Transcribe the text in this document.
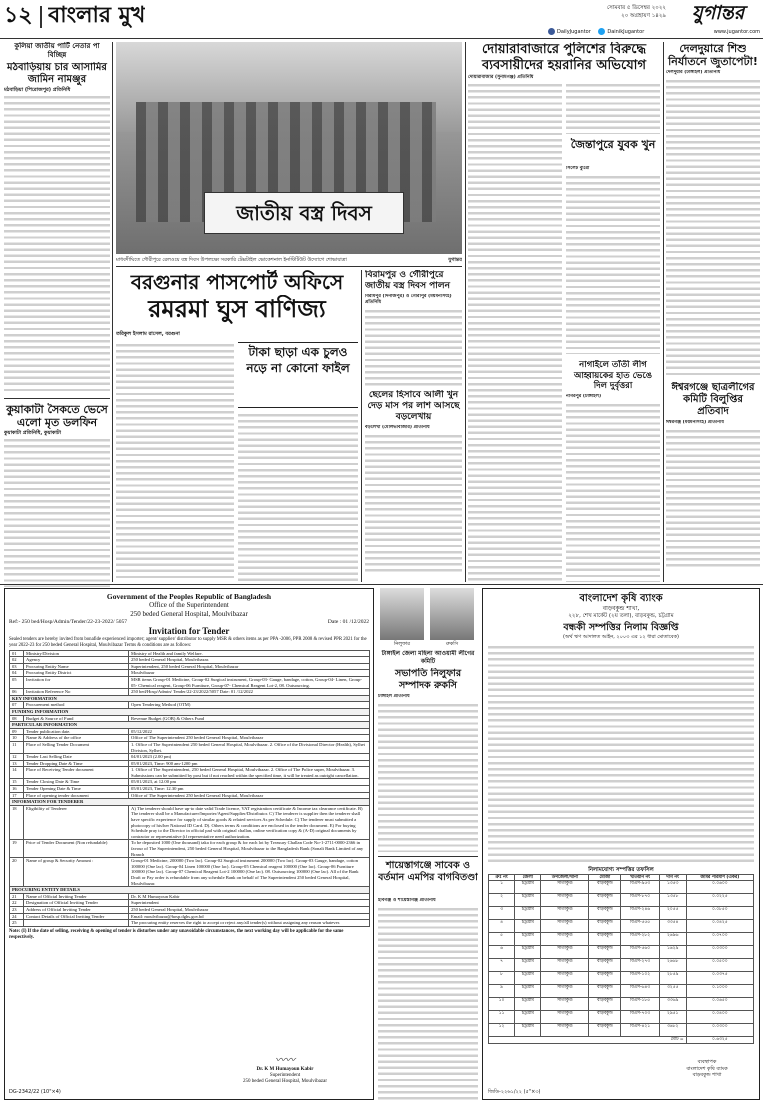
১২ বাংলার মুখ	সোমবার ৫ ডিসেম্বর ২০২২
২০ অগ্রহায়ণ ১৪২৯	যুগান্তর
DailyJugantor	DainikJugantor	www.jugantor.com
কুলিয়া জাতীয় পার্টি নেতার পা বিচ্ছিন্ন
মঠবাড়িয়ায় চার আসামির জামিন নামঞ্জুর
মঠবাড়িয়া (পিরোজপুর) প্রতিনিধি
কুয়াকাটা সৈকতে ভেসে এলো মৃত ডলফিন
কুয়াকাটা প্রতিনিধি, কুয়াকাটা
জাতীয় বস্ত্র দিবস
মাধবদীঘিতে গৌরীপুরে রেলওয়ে বস্ত্র দিবস উপলক্ষ্যে সরকারি টেক্সটাইল ভোকেশনাল ইনস্টিটিউট উদ্যোগে শোভাযাত্রা	যুগান্তর
বরগুনার পাসপোর্ট অফিসে
রমরমা ঘুস বাণিজ্য
তরিকুল ইসলাম রাসেল, বরগুনা
টাকা ছাড়া এক চুলও নড়ে না কোনো ফাইল
বিরামপুর ও গৌরীপুরে জাতীয় বস্ত্র দিবস পালন
বিরামপুর (দিনাজপুর) ও গৌরীপুর (ময়মনসিংহ) প্রতিনিধি
ছেলের হিসাবে আলী খুন দেড় মাস পর লাশ আসছে বড়লেখায়
বড়লেখা (মৌলভীবাজার) প্রতিনিধি
দোয়ারাবাজারে পুলিশের বিরুদ্ধে ব্যবসায়ীদের হয়রানির অভিযোগ
দোয়ারাবাজার (সুনামগঞ্জ) প্রতিনিধি
জৈন্তাপুরে যুবক খুন
সিলেট ব্যুরো
নাগাইলে তাঁতী লীগ আহ্বায়কের হাত ভেঙে দিল দুর্বৃত্তরা
নাগরপুর (টাঙ্গাইল)
দেলদুয়ারে শিশু নির্যাতনে জুতাপেটা!
দেলদুয়ার (টাঙ্গাইল) প্রতিনিধি
ঈশ্বরগঞ্জে ছাত্রলীগের কমিটি বিলুপ্তির প্রতিবাদ
ঈশ্বরগঞ্জ (ময়মনসিংহ) প্রতিনিধি
Government of the Peoples Republic of Bangladesh
Office of the Superintendent
250 beded General Hospital, Moulvibazar
Ref:- 250 bed/Hosp/Admin/Tender/22-23-2022/ 5057	Date : 01 /12/2022
Invitation for Tender
Sealed tenders are hereby invited from bonafide experienced importer; agent/ supplier/ distributor to supply MSR & others items as per PPA -2006, PPR 2008 & revised PPR 2021 for the year 2022-23 for 250 beded General Hospital, Moulvibazar Terms & conditions are as follows:
01	Ministry/Division	Ministry of Health and family Welfare.
02	Agency	250 beded General Hospital, Moulvibazar.
03	Procuring Entity Name	Superintendent, 250 beded General Hospital, Moulvibazar
04	Procuring Entity District	Moulvibazar
05	Invitation for	MSR items Group-01 Medicine, Group-02 Surgical instrument, Group-03- Gauge, bandage, cotton, Group-04- Linen, Group-05- Chemical reagent, Group-06 Furniture, Group-07- Chemical Reagent Lot-2, 08. Outsourcing.
06	Invitation Reference No	250 bed/Hosp/Admin/ Tender/22-23/2022/5057 Date: 01 /12/2022
KEY INFORMATION		
07	Procurement method	Open Tendering Method (OTM)
FUNDING INFORMATION		
08	Budget & Source of Fund	Revenue Budget (GOB) & Others Fund
PARTICULAR INFORMATION		
09	Tender publication date.	05/12/2022
10	Name & Address of the office	Office of The Superintendent 250 beded General Hospital, Moulvibazar
11	Place of Selling Tender Document	1. Office of The Superintendent 250 beded General Hospital, Moulvibazar. 2. Office of the Divisional Director (Health), Sylhet Division, Sylhet.
12	Tender Last Selling Date	04/01/2023 (2.00 pm)
13	Tender Dropping Date & Time	05/01/2023, Time: 900 am-1200 pm
14	Place of Receiving Tender document	1. Office of The Superintendent, 250 beded General Hospital, Moulvibazar. 2. Office of The Police super, Moulvibazar. 3. Submissions can be submitted by post but if not reached within the specified time, it will be treated as outright cancellation.
15	Tender Closing Date & Time	05/01/2023, at 12.00 pm
16	Tender Opening Date & Time	05/01/2023, Time: 12.30 pm
17	Place of opening tender document	Office of The Superintendent 250 beded General Hospital, Moulvibazar
INFORMATION FOR TENDERER		
18	Eligibility of Tenderer	A) The tenderer should have up-to date valid Trade licence, VAT registration certificate & Income tax clearance certificate. B) The tenderer shall be a Manufacturer/Importer/Agent/Supplier/Distributor. C) The tenderer is supplier then the tenderer shall have specific experience for supply of similar goods & related services As per Schedule. C) The tenderer must submitted a photocopy of his/her National ID Card. D). Others terms & conditions are enclosed in the tender document. E) For buying Schedule pray to the Director in official pad with original challan, online verification copy & (A-D) original documents by contractor or representative (if representative need authorization.
19	Price of Tender Document (Non refundable)	To be deposited 1000 (One thousand) taka for each group & for each lot by Treasury Challan Code No-1-2711-0000-2366 in favour of The Superintendent, 250 beded General Hospital, Moulvibazar to the Bangladesh Bank (Sonali Bank Limited of any Branch
20	Name of group & Security Amount :	Group-01 Medicine, 200000 (Two lac). Group-02 Surgical instrument 200000 (Two lac). Group-03 Gauge, bandage, cotton 100000 (One lac). Group-04 Linen 100000 (One lac). Group-05 Chemical reagent 100000 (One lac). Group-06 Furniture 100000 (One lac). Group-07 Chemical Reagent Lot-2 100000 (One lac). 08. Outsourcing 100000 (One lac). All of the Bank Draft or Pay order is refundable from any schedule Bank on behalf of The Superintendent 250 beded General Hospital, Moulvibazar.
PROCURING ENTITY DETAILS		
21	Name of Official Inviting Tender	Dr. K M Humayoun Kabir
22	Designation of Official Inviting Tender	Superintendent
23	Address of Official Inviting Tender	250 beded General Hospital, Moulvibazar
24	Contact Details of Official Inviting Tender	Email: moulvibazar@hosp.dghs.gov.bd
25		The procuring entity reserves the right to accept or reject any/all tender(s) without assigning any reason whatever.
Note: (I) If the date of selling, receiving & opening of tender is disturbes under any unavoidable circumstances, the next working day will be applicable for the same respectively.
〰〰
Dr. K M Humayoun Kabir
Superintendent
250 beded General Hospital, Moulvibazar
DG-2342/22 (10"×4)
নিলুফার	রুকসি
টাঙ্গাইল জেলা মহিলা আওয়ামী লীগের কমিটি
সভাপতি নিলুফার সম্পাদক রুকসি
টাঙ্গাইল প্রতিনিধি
শায়েস্তাগঞ্জে সাবেক ও বর্তমান এমপির বাগবিতণ্ডা
হবিগঞ্জ ও শায়েস্তাগঞ্জ প্রতিনিধি
বাংলাদেশ কৃষি ব্যাংক
বাড়বকুন্ড শাখা,
২২৮, শেখ মার্কেট (২য় তলা), বাড়বকুন্ড, চট্টগ্রাম
বন্ধকী সম্পত্তির নিলাম বিজ্ঞপ্তি
(অর্থ ঋণ আদালত আইন, ২০০৩ এর ১২ ধারা মোতাবেক)
নিলামযোগ্য সম্পত্তির তফসিল
ক্রঃ নং	জেলা	উপজেলা/থানা	মৌজা	খতিয়ান নং	দাগ নং	জমির পরিমাণ (একর)
১	চট্টগ্রাম	সীতাকুণ্ড	বাড়বকুন্ড	বিএস-৯৫৩	১৩৫৩	০.০৬০০
২	চট্টগ্রাম	সীতাকুণ্ড	বাড়বকুন্ড	বিএস-৮৭০	১৩৫৮	০.০২২৫
৩	চট্টগ্রাম	সীতাকুণ্ড	বাড়বকুন্ড	বিএস-২৪৬	২০৫৫	০.০৮৫০
৪	চট্টগ্রাম	সীতাকুণ্ড	বাড়বকুন্ড	বিএস-৫৫৫	৩৩৫৪	০.০৪২৫
৫	চট্টগ্রাম	সীতাকুণ্ড	বাড়বকুন্ড	বিএস-২৮২	২৬৯৬	০.০৭০০
৬	চট্টগ্রাম	সীতাকুণ্ড	বাড়বকুন্ড	বিএস-৫৬০	১৬২৯	০.০৩০০
৭	চট্টগ্রাম	সীতাকুণ্ড	বাড়বকুন্ড	বিএস-২৭৩	২৬৬৮	০.০৫০০
৮	চট্টগ্রাম	সীতাকুণ্ড	বাড়বকুন্ড	বিএস-১০২	২৮৫৯	০.০৩৭৫
৯	চট্টগ্রাম	সীতাকুণ্ড	বাড়বকুন্ড	বিএস-৬৪৩	৩২৫৫	০.১০০০
১০	চট্টগ্রাম	সীতাকুণ্ড	বাড়বকুন্ড	বিএস-১৮৫	৩৩৬৯	০.০৬৫০
১১	চট্টগ্রাম	সীতাকুণ্ড	বাড়বকুন্ড	বিএস-৭০৩	২৯৫১	০.০৪০০
১২	চট্টগ্রাম	সীতাকুণ্ড	বাড়বকুন্ড	বিএস-৪২১	৩৬৮২	০.০৩০০
মোট =						০.৬৩২৫
ব্যবস্থাপক
বাংলাদেশ কৃষি ব্যাংক
বাড়বকুন্ড শাখা
জিডি-২২৬১/২২ (৫"×৩)
